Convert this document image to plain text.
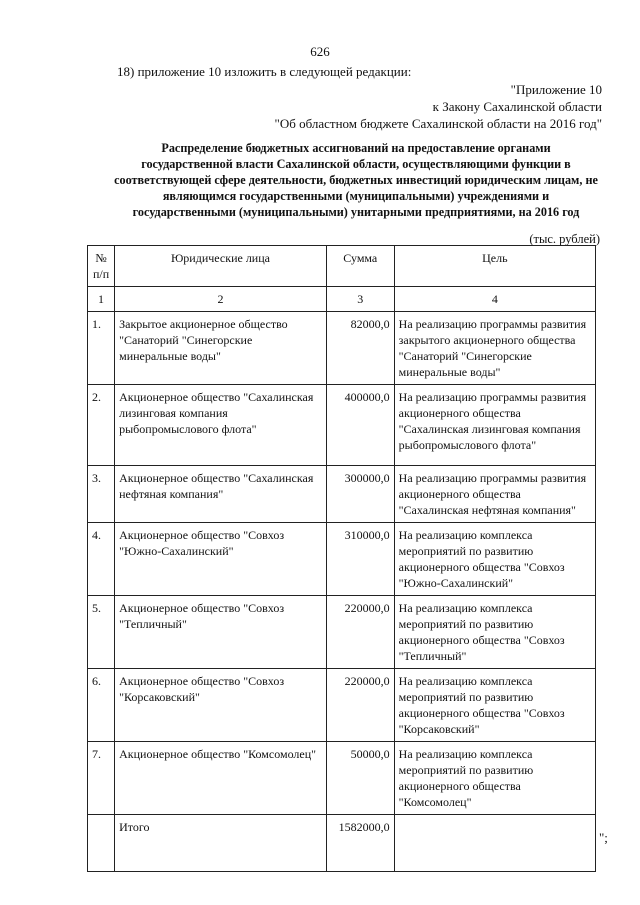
626
18) приложение 10 изложить в следующей редакции:
"Приложение 10
к Закону Сахалинской области
"Об областном бюджете Сахалинской области на 2016 год"
Распределение бюджетных ассигнований на предоставление органами
государственной власти Сахалинской области, осуществляющими функции в
соответствующей сфере деятельности, бюджетных инвестиций юридическим лицам, не
являющимся государственными (муниципальными) учреждениями и
государственными (муниципальными) унитарными предприятиями, на 2016 год
(тыс. рублей)
№
п/п	Юридические лица	Сумма	Цель
1	2	3	4
1.	Закрытое акционерное общество "Санаторий "Синегорские минеральные воды"	82000,0	На реализацию программы развития закрытого акционерного общества "Санаторий "Синегорские минеральные воды"
2.	Акционерное общество "Сахалинская лизинговая компания рыбопромыслового флота"	400000,0	На реализацию программы развития акционерного общества "Сахалинская лизинговая компания рыбопромыслового флота"
3.	Акционерное общество "Сахалинская нефтяная компания"	300000,0	На реализацию программы развития акционерного общества "Сахалинская нефтяная компания"
4.	Акционерное общество "Совхоз "Южно-Сахалинский"	310000,0	На реализацию комплекса мероприятий по развитию акционерного общества "Совхоз "Южно-Сахалинский"
5.	Акционерное общество "Совхоз "Тепличный"	220000,0	На реализацию комплекса мероприятий по развитию акционерного общества "Совхоз "Тепличный"
6.	Акционерное общество "Совхоз "Корсаковский"	220000,0	На реализацию комплекса мероприятий по развитию акционерного общества "Совхоз "Корсаковский"
7.	Акционерное общество "Комсомолец"	50000,0	На реализацию комплекса мероприятий по развитию акционерного общества "Комсомолец"
	Итого	1582000,0	
";
